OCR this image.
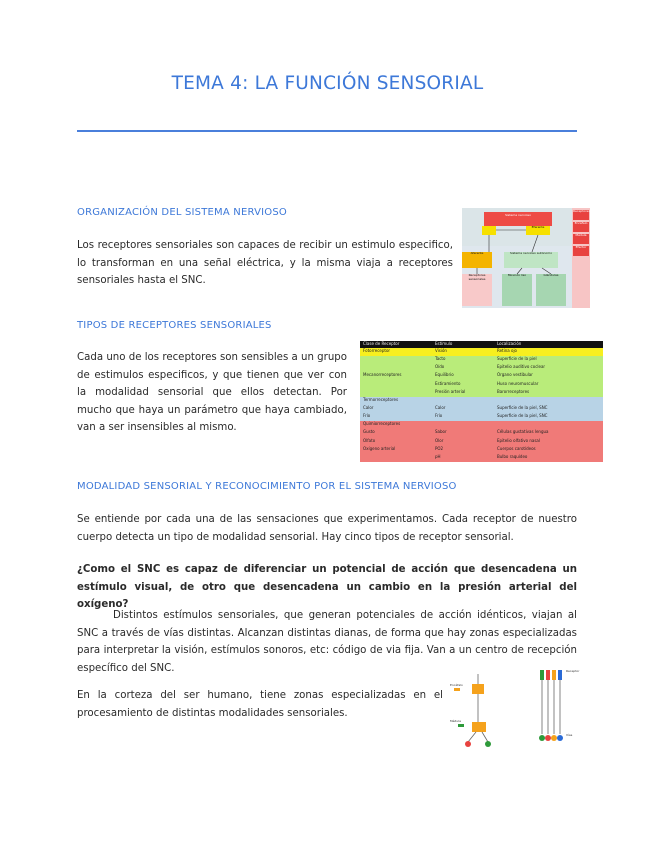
TEMA 4: LA FUNCIÓN SENSORIAL
ORGANIZACIÓN DEL SISTEMA NERVIOSO
Los receptores sensoriales son capaces de recibir un estimulo especifico, lo transforman en una señal eléctrica, y la misma viaja a receptores sensoriales hasta el SNC.
Sistema nervioso
Eferente
Aferente	Sistema nervioso autónomo
Receptores sensoriales
Músculo liso	Glándulas
Receptores
Encéfalo
Médula
Efector
TIPOS DE RECEPTORES SENSORIALES
Cada uno de los receptores son sensibles a un grupo de estimulos especificos, y que tienen que ver con la modalidad sensorial que ellos detectan. Por mucho que haya un parámetro que haya cambiado, van a ser insensibles al mismo.
Clase de Receptor	Estímulo	Localización
Fotorreceptor	Visión	Retina ojo
	Tacto	Superficie de la piel
	Oído	Epitelio auditivo coclear
Mecanorreceptores	Equilibrio	Órgano vestibular
	Estiramiento	Huso neuromuscular
	Presión arterial	Barorreceptores
Termorreceptores		
Calor	Calor	Superficie de la piel, SNC
Frío	Frío	Superficie de la piel, SNC
Quimiorreceptores		
Gusto	Sabor	Células gustativas lengua
Olfato	Olor	Epitelio olfativo nasal
Oxígeno arterial	PO2	Cuerpos carotídeos
	pH	Bulbo raquídeo
MODALIDAD SENSORIAL Y RECONOCIMIENTO POR EL SISTEMA NERVIOSO
Se entiende por cada una de las sensaciones que experimentamos. Cada receptor de nuestro cuerpo detecta un tipo de modalidad sensorial. Hay cinco tipos de receptor sensorial.
¿Como el SNC es capaz de diferenciar un potencial de acción que desencadena un estímulo visual, de otro que desencadena un cambio en la presión arterial del oxígeno?
Distintos estímulos sensoriales, que generan potenciales de acción idénticos, viajan al SNC a través de vías distintas. Alcanzan distintas dianas, de forma que hay zonas especializadas para interpretar la visión, estímulos sonoros, etc: código de via fija. Van a un centro de recepción específico del SNC.
En la corteza del ser humano, tiene zonas especializadas en el procesamiento de distintas modalidades sensoriales.
Encéfalo
Médula
Receptor
Vías
